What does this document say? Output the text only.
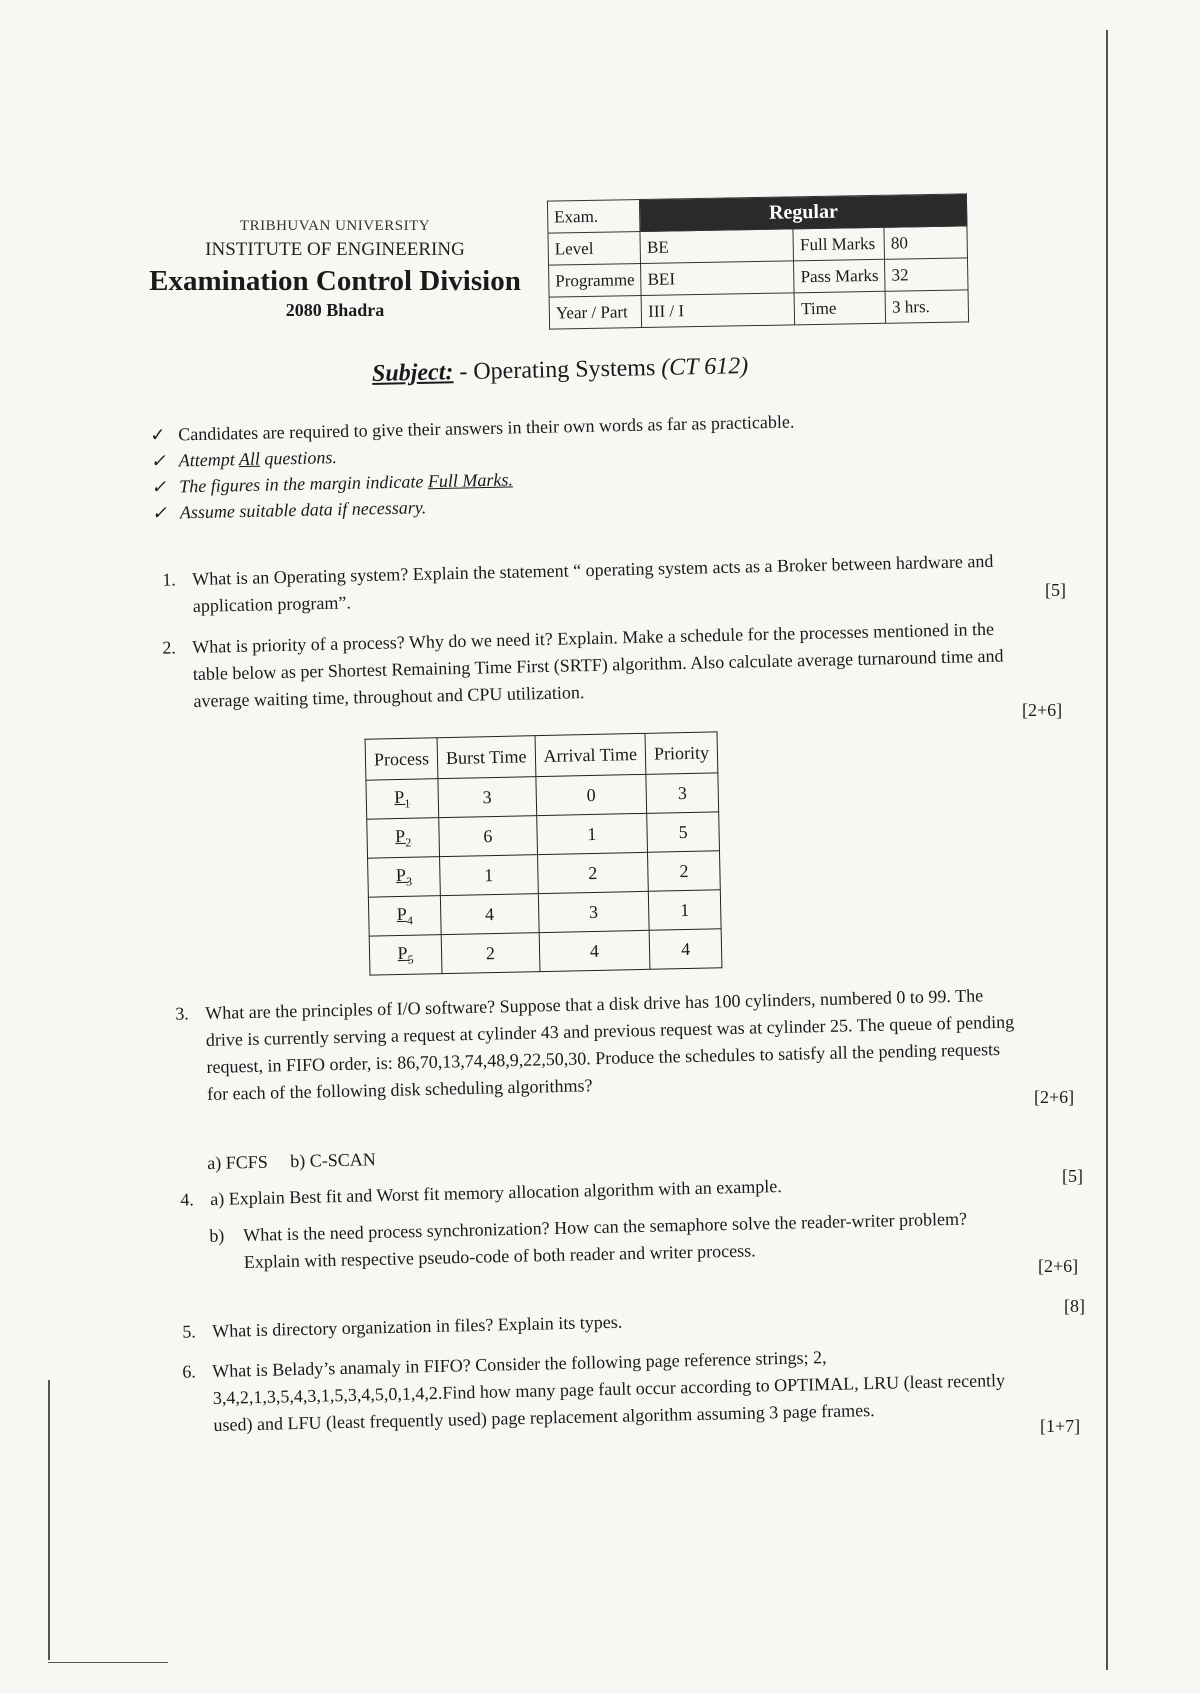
TRIBHUVAN UNIVERSITY
INSTITUTE OF ENGINEERING
Examination Control Division
2080 Bhadra
Exam.	Regular		
Level	BE	Full Marks	80
Programme	BEI	Pass Marks	32
Year / Part	III / I	Time	3 hrs.
Subject: - Operating Systems (CT 612)
✓ Candidates are required to give their answers in their own words as far as practicable.
✓ Attempt All questions.
✓ The figures in the margin indicate Full Marks.
✓ Assume suitable data if necessary.
1. What is an Operating system? Explain the statement “ operating system acts as a Broker between hardware and application program”.
[5]
2. What is priority of a process? Why do we need it? Explain. Make a schedule for the processes mentioned in the table below as per Shortest Remaining Time First (SRTF) algorithm. Also calculate average turnaround time and average waiting time, throughout and CPU utilization.	[2+6]
Process	Burst Time	Arrival Time	Priority
$P_1$	3	0	3
$P_2$	6	1	5
$P_3$	1	2	2
$P_4$	4	3	1
$P_5$	2	4	4
3. What are the principles of I/O software? Suppose that a disk drive has 100 cylinders, numbered 0 to 99. The drive is currently serving a request at cylinder 43 and previous request was at cylinder 25. The queue of pending request, in FIFO order, is: 86,70,13,74,48,9,22,50,30. Produce the schedules to satisfy all the pending requests for each of the following disk scheduling algorithms?
a) FCFS     b) C-SCAN
[2+6]
4. a) Explain Best fit and Worst fit memory allocation algorithm with an example.
[5]
b) What is the need process synchronization? How can the semaphore solve the reader-writer problem? Explain with respective pseudo-code of both reader and writer process.	[2+6]
5. What is directory organization in files? Explain its types.
[8]
6. What is Belady’s anamaly in FIFO? Consider the following page reference strings; 2, 3,4,2,1,3,5,4,3,1,5,3,4,5,0,1,4,2.Find how many page fault occur according to OPTIMAL, LRU (least recently used) and LFU (least frequently used) page replacement algorithm assuming 3 page frames.	[1+7]
